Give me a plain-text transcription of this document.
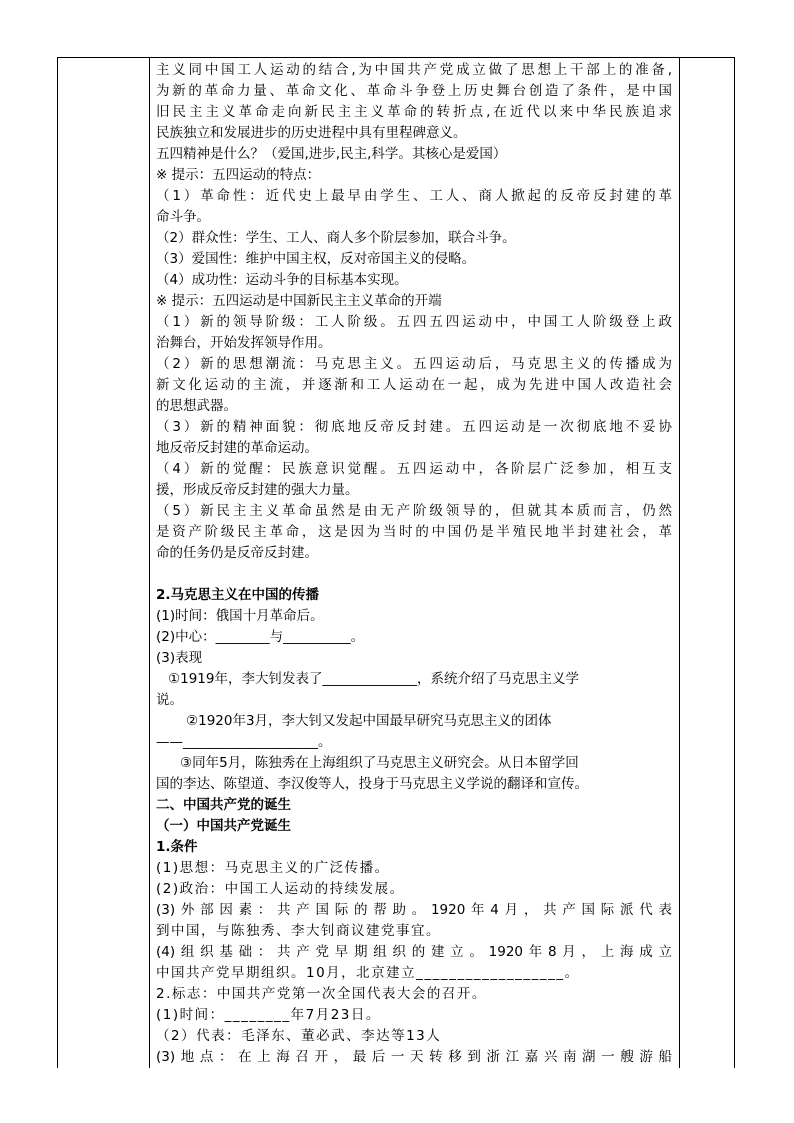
主义同中国工人运动的结合,为中国共产党成立做了思想上干部上的准备,
为新的革命力量、革命文化、革命斗争登上历史舞台创造了条件，是中国
旧民主主义革命走向新民主主义革命的转折点,在近代以来中华民族追求
民族独立和发展进步的历史进程中具有里程碑意义。
五四精神是什么？（爱国,进步,民主,科学。其核心是爱国）
※ 提示：五四运动的特点：
（1）革命性：近代史上最早由学生、工人、商人掀起的反帝反封建的革
命斗争。
（2）群众性：学生、工人、商人多个阶层参加，联合斗争。
（3）爱国性：维护中国主权，反对帝国主义的侵略。
（4）成功性：运动斗争的目标基本实现。
※ 提示：五四运动是中国新民主主义革命的开端
（1）新的领导阶级：工人阶级。五四五四运动中，中国工人阶级登上政
治舞台，开始发挥领导作用。
（2）新的思想潮流：马克思主义。五四运动后，马克思主义的传播成为
新文化运动的主流，并逐渐和工人运动在一起，成为先进中国人改造社会
的思想武器。
（3）新的精神面貌：彻底地反帝反封建。五四运动是一次彻底地不妥协
地反帝反封建的革命运动。
（4）新的觉醒：民族意识觉醒。五四运动中，各阶层广泛参加，相互支
援，形成反帝反封建的强大力量。
（5）新民主主义革命虽然是由无产阶级领导的，但就其本质而言，仍然
是资产阶级民主革命，这是因为当时的中国仍是半殖民地半封建社会，革
命的任务仍是反帝反封建。
2.马克思主义在中国的传播
(1)时间：俄国十月革命后。
(2)中心：________与__________。
(3)表现
①1919年，李大钊发表了______________，系统介绍了马克思主义学
说。
②1920年3月，李大钊又发起中国最早研究马克思主义的团体
——____________________。
③同年5月，陈独秀在上海组织了马克思主义研究会。从日本留学回
国的李达、陈望道、李汉俊等人，投身于马克思主义学说的翻译和宣传。
二、中国共产党的诞生
（一）中国共产党诞生
1.条件
(1)思想：马克思主义的广泛传播。
(2)政治：中国工人运动的持续发展。
(3)外部因素：共产国际的帮助。1920年4月，共产国际派代表
到中国，与陈独秀、李大钊商议建党事宜。
(4)组织基础：共产党早期组织的建立。1920年8月，上海成立
中国共产党早期组织。10月，北京建立__________________。
2.标志：中国共产党第一次全国代表大会的召开。
(1)时间：________年7月23日。
（2）代表：毛泽东、董必武、李达等13人
(3)地点：在上海召开，最后一天转移到浙江嘉兴南湖一艘游船
